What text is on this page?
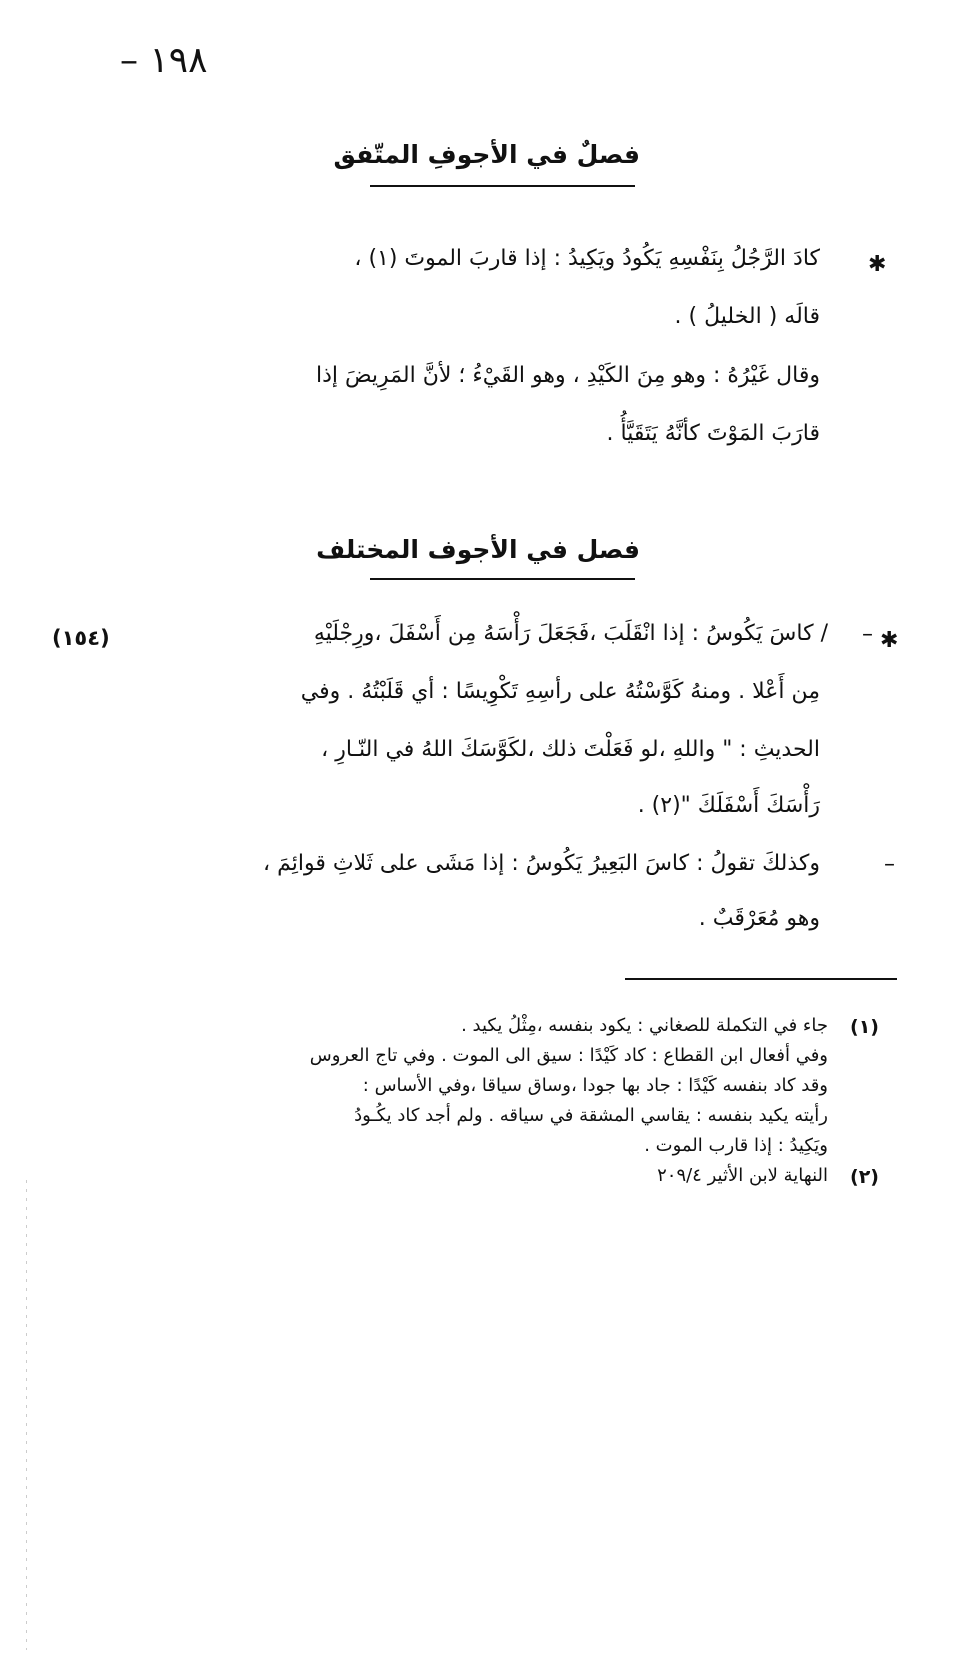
– ١٩٨
فصلٌ في الأجوفِ المتّفق
✱
كادَ الرَّجُلُ بِنَفْسِهِ يَكُودُ ويَكِيدُ : إذا قاربَ الموتَ (١) ،
قالَه ( الخليلُ ) .
وقال غَيْرُهُ : وهو مِنَ الكَيْدِ ، وهو القَيْءُ ؛ لأنَّ المَرِيضَ إذا
قارَبَ المَوْتَ كأنَّهُ يَتَقَيَّأُ .
فصل في الأجوف المختلف
✱
–
(١٥٤)	/ كاسَ يَكُوسُ : إذا انْقَلَبَ ،فَجَعَلَ رَأْسَهُ مِن أَسْفَلَ ،ورِجْلَيْهِ
مِن أَعْلا . ومنهُ كَوَّسْتُهُ على رأسِهِ تَكْوِيسًا : أي قَلَبْتُهُ . وفي
الحديثِ : " واللهِ ،لو فَعَلْتَ ذلك ،لكَوَّسَكَ اللهُ في النّـارِ ،
رَأْسَكَ أَسْفَلَكَ "(٢) .
–
وكذلكَ تقولُ : كاسَ البَعِيرُ يَكُوسُ : إذا مَشَى على ثَلاثِ قوائِمَ ،
وهو مُعَرْقَبٌ .
(١)
جاء في التكملة للصغاني : يكود بنفسه ،مِثْلُ يكيد .
وفي أفعال ابن القطاع : كاد كَيْدًا : سيق الى الموت . وفي تاج العروس
وقد كاد بنفسه كَيْدًا : جاد بها جودا ،وساق سياقا ،وفي الأساس :
رأيته يكيد بنفسه : يقاسي المشقة في سياقه . ولم أجد كاد يكُـودُ
ويَكِيدُ : إذا قارب الموت .
(٢)
النهاية لابن الأثير ٢٠٩/٤
